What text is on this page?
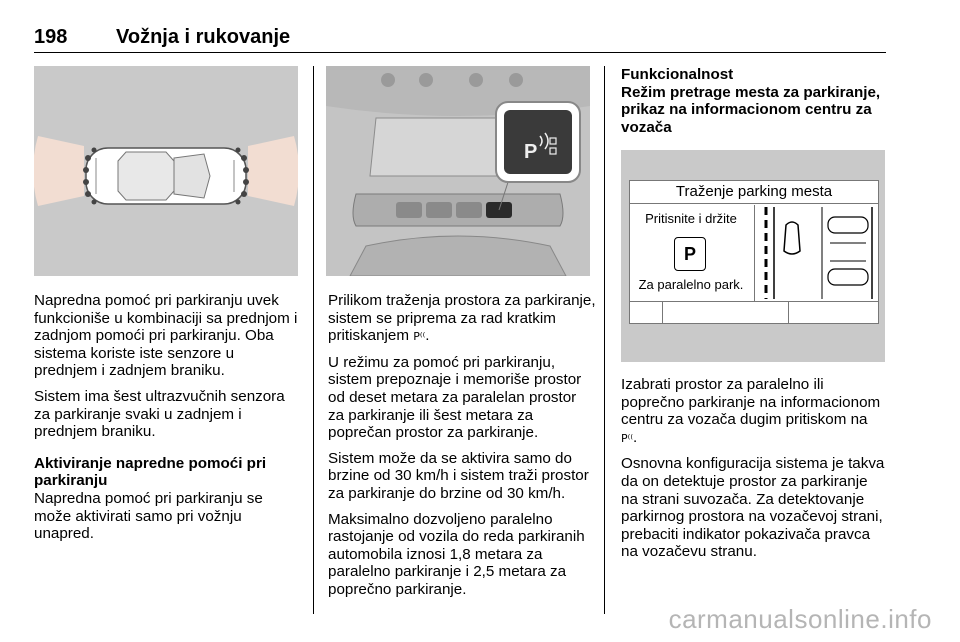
198 Vožnja i rukovanje

Napredna pomoć pri parkiranju uvek funkcioniše u kombinaciji sa prednjom i zadnjom pomoći pri parkiranju. Oba sistema koriste iste senzore u prednjem i zadnjem braniku.

Sistem ima šest ultrazvučnih senzora za parkiranje svaki u zadnjem i prednjem braniku.

Aktiviranje napredne pomoći pri parkiranju

Napredna pomoć pri parkiranju se može aktivirati samo pri vožnju unapred.

P

Prilikom traženja prostora za parkiranje, sistem se priprema za rad kratkim pritiskanjem P⁽⁽.

U režimu za pomoć pri parkiranju, sistem prepoznaje i memoriše prostor od deset metara za paralelan prostor za parkiranje ili šest metara za poprečan prostor za parkiranje.

Sistem može da se aktivira samo do brzine od 30 km/h i sistem traži prostor za parkiranje do brzine od 30 km/h.

Maksimalno dozvoljeno paralelno rastojanje od vozila do reda parkiranih automobila iznosi 1,8 metara za paralelno parkiranje i 2,5 metara za poprečno parkiranje.

Funkcionalnost
Režim pretrage mesta za parkiranje, prikaz na informacionom centru za vozača
Traženje parking mesta
Pritisnite i držite
P
Za paralelno park.

Izabrati prostor za paralelno ili poprečno parkiranje na informacionom centru za vozača dugim pritiskom na P⁽⁽.

Osnovna konfiguracija sistema je takva da on detektuje prostor za parkiranje na strani suvozača. Za detektovanje parkirnog prostora na vozačevoj strani, prebaciti indikator pokazivača pravca na vozačevu stranu.

carmanualsonline.info
